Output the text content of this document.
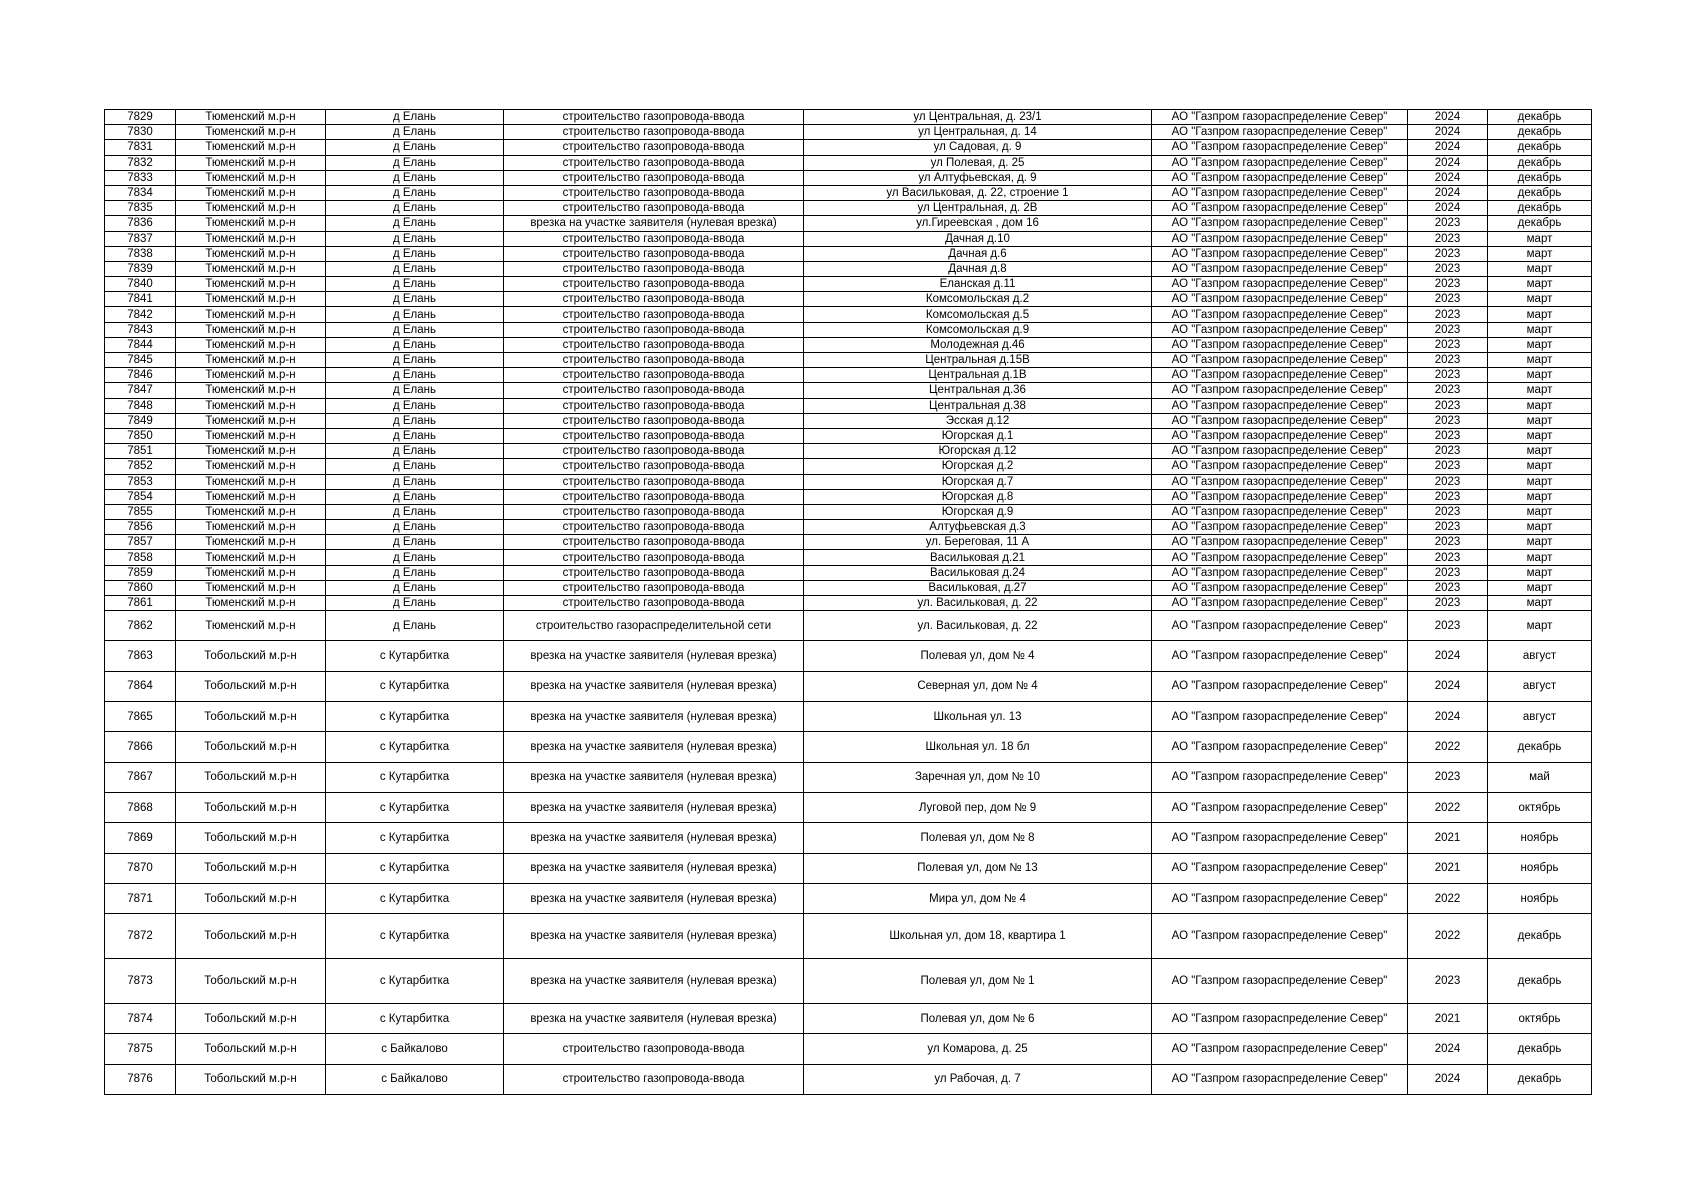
7829	Тюменский м.р-н	д Елань	строительство газопровода-ввода	ул Центральная, д. 23/1	АО "Газпром газораспределение Север"	2024	декабрь
7830	Тюменский м.р-н	д Елань	строительство газопровода-ввода	ул Центральная, д. 14	АО "Газпром газораспределение Север"	2024	декабрь
7831	Тюменский м.р-н	д Елань	строительство газопровода-ввода	ул Садовая, д. 9	АО "Газпром газораспределение Север"	2024	декабрь
7832	Тюменский м.р-н	д Елань	строительство газопровода-ввода	ул Полевая, д. 25	АО "Газпром газораспределение Север"	2024	декабрь
7833	Тюменский м.р-н	д Елань	строительство газопровода-ввода	ул Алтуфьевская, д. 9	АО "Газпром газораспределение Север"	2024	декабрь
7834	Тюменский м.р-н	д Елань	строительство газопровода-ввода	ул Васильковая, д. 22, строение 1	АО "Газпром газораспределение Север"	2024	декабрь
7835	Тюменский м.р-н	д Елань	строительство газопровода-ввода	ул Центральная, д. 2В	АО "Газпром газораспределение Север"	2024	декабрь
7836	Тюменский м.р-н	д Елань	врезка на участке заявителя (нулевая врезка)	ул.Гиреевская , дом 16	АО "Газпром газораспределение Север"	2023	декабрь
7837	Тюменский м.р-н	д Елань	строительство газопровода-ввода	Дачная д.10	АО "Газпром газораспределение Север"	2023	март
7838	Тюменский м.р-н	д Елань	строительство газопровода-ввода	Дачная д.6	АО "Газпром газораспределение Север"	2023	март
7839	Тюменский м.р-н	д Елань	строительство газопровода-ввода	Дачная д.8	АО "Газпром газораспределение Север"	2023	март
7840	Тюменский м.р-н	д Елань	строительство газопровода-ввода	Еланская д.11	АО "Газпром газораспределение Север"	2023	март
7841	Тюменский м.р-н	д Елань	строительство газопровода-ввода	Комсомольская д.2	АО "Газпром газораспределение Север"	2023	март
7842	Тюменский м.р-н	д Елань	строительство газопровода-ввода	Комсомольская д.5	АО "Газпром газораспределение Север"	2023	март
7843	Тюменский м.р-н	д Елань	строительство газопровода-ввода	Комсомольская д.9	АО "Газпром газораспределение Север"	2023	март
7844	Тюменский м.р-н	д Елань	строительство газопровода-ввода	Молодежная д.46	АО "Газпром газораспределение Север"	2023	март
7845	Тюменский м.р-н	д Елань	строительство газопровода-ввода	Центральная д.15В	АО "Газпром газораспределение Север"	2023	март
7846	Тюменский м.р-н	д Елань	строительство газопровода-ввода	Центральная д.1В	АО "Газпром газораспределение Север"	2023	март
7847	Тюменский м.р-н	д Елань	строительство газопровода-ввода	Центральная д.36	АО "Газпром газораспределение Север"	2023	март
7848	Тюменский м.р-н	д Елань	строительство газопровода-ввода	Центральная д.38	АО "Газпром газораспределение Север"	2023	март
7849	Тюменский м.р-н	д Елань	строительство газопровода-ввода	Эсская д.12	АО "Газпром газораспределение Север"	2023	март
7850	Тюменский м.р-н	д Елань	строительство газопровода-ввода	Югорская д.1	АО "Газпром газораспределение Север"	2023	март
7851	Тюменский м.р-н	д Елань	строительство газопровода-ввода	Югорская д.12	АО "Газпром газораспределение Север"	2023	март
7852	Тюменский м.р-н	д Елань	строительство газопровода-ввода	Югорская д.2	АО "Газпром газораспределение Север"	2023	март
7853	Тюменский м.р-н	д Елань	строительство газопровода-ввода	Югорская д.7	АО "Газпром газораспределение Север"	2023	март
7854	Тюменский м.р-н	д Елань	строительство газопровода-ввода	Югорская д.8	АО "Газпром газораспределение Север"	2023	март
7855	Тюменский м.р-н	д Елань	строительство газопровода-ввода	Югорская д.9	АО "Газпром газораспределение Север"	2023	март
7856	Тюменский м.р-н	д Елань	строительство газопровода-ввода	Алтуфьевская д.3	АО "Газпром газораспределение Север"	2023	март
7857	Тюменский м.р-н	д Елань	строительство газопровода-ввода	ул. Береговая, 11 А	АО "Газпром газораспределение Север"	2023	март
7858	Тюменский м.р-н	д Елань	строительство газопровода-ввода	Васильковая д.21	АО "Газпром газораспределение Север"	2023	март
7859	Тюменский м.р-н	д Елань	строительство газопровода-ввода	Васильковая д.24	АО "Газпром газораспределение Север"	2023	март
7860	Тюменский м.р-н	д Елань	строительство газопровода-ввода	Васильковая, д.27	АО "Газпром газораспределение Север"	2023	март
7861	Тюменский м.р-н	д Елань	строительство газопровода-ввода	ул. Васильковая, д. 22	АО "Газпром газораспределение Север"	2023	март
7862	Тюменский м.р-н	д Елань	строительство газораспределительной сети	ул. Васильковая, д. 22	АО "Газпром газораспределение Север"	2023	март
7863	Тобольский м.р-н	с Кутарбитка	врезка на участке заявителя (нулевая врезка)	Полевая ул, дом № 4	АО "Газпром газораспределение Север"	2024	август
7864	Тобольский м.р-н	с Кутарбитка	врезка на участке заявителя (нулевая врезка)	Северная ул, дом № 4	АО "Газпром газораспределение Север"	2024	август
7865	Тобольский м.р-н	с Кутарбитка	врезка на участке заявителя (нулевая врезка)	Школьная ул. 13	АО "Газпром газораспределение Север"	2024	август
7866	Тобольский м.р-н	с Кутарбитка	врезка на участке заявителя (нулевая врезка)	Школьная ул. 18 бл	АО "Газпром газораспределение Север"	2022	декабрь
7867	Тобольский м.р-н	с Кутарбитка	врезка на участке заявителя (нулевая врезка)	Заречная ул, дом № 10	АО "Газпром газораспределение Север"	2023	май
7868	Тобольский м.р-н	с Кутарбитка	врезка на участке заявителя (нулевая врезка)	Луговой пер, дом № 9	АО "Газпром газораспределение Север"	2022	октябрь
7869	Тобольский м.р-н	с Кутарбитка	врезка на участке заявителя (нулевая врезка)	Полевая ул, дом № 8	АО "Газпром газораспределение Север"	2021	ноябрь
7870	Тобольский м.р-н	с Кутарбитка	врезка на участке заявителя (нулевая врезка)	Полевая ул, дом № 13	АО "Газпром газораспределение Север"	2021	ноябрь
7871	Тобольский м.р-н	с Кутарбитка	врезка на участке заявителя (нулевая врезка)	Мира ул, дом № 4	АО "Газпром газораспределение Север"	2022	ноябрь
7872	Тобольский м.р-н	с Кутарбитка	врезка на участке заявителя (нулевая врезка)	Школьная ул, дом 18, квартира 1	АО "Газпром газораспределение Север"	2022	декабрь
7873	Тобольский м.р-н	с Кутарбитка	врезка на участке заявителя (нулевая врезка)	Полевая ул, дом № 1	АО "Газпром газораспределение Север"	2023	декабрь
7874	Тобольский м.р-н	с Кутарбитка	врезка на участке заявителя (нулевая врезка)	Полевая ул, дом № 6	АО "Газпром газораспределение Север"	2021	октябрь
7875	Тобольский м.р-н	с Байкалово	строительство газопровода-ввода	ул Комарова, д. 25	АО "Газпром газораспределение Север"	2024	декабрь
7876	Тобольский м.р-н	с Байкалово	строительство газопровода-ввода	ул Рабочая, д. 7	АО "Газпром газораспределение Север"	2024	декабрь
